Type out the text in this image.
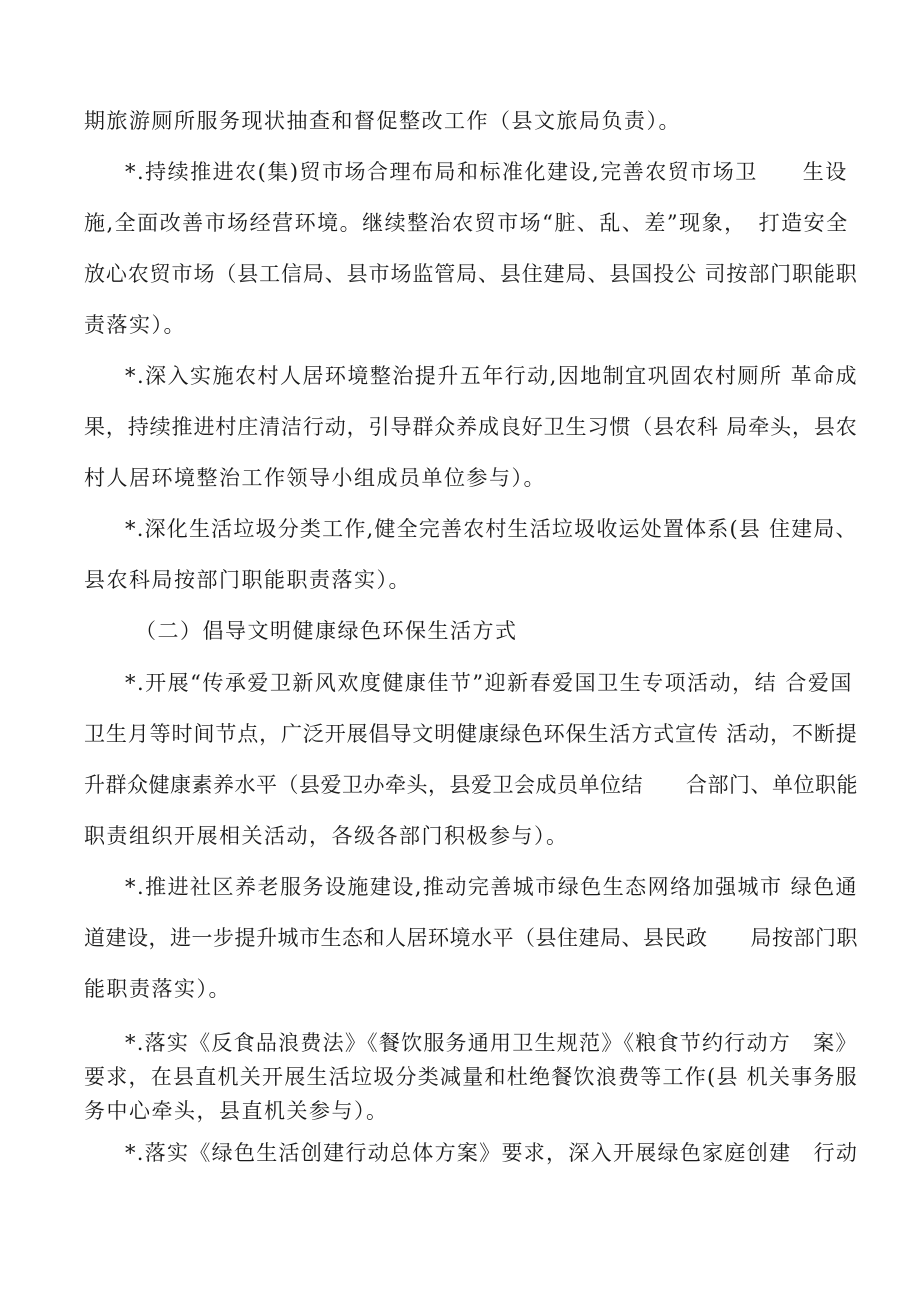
期旅游厕所服务现状抽查和督促整改工作（县文旅局负责）。
*.持续推进农(集)贸市场合理布局和标准化建设,完善农贸市场卫　　生设
施,全面改善市场经营环境。继续整治农贸市场“脏、乱、差”现象，　打造安全
放心农贸市场（县工信局、县市场监管局、县住建局、县国投公 司按部门职能职
责落实）。
*.深入实施农村人居环境整治提升五年行动,因地制宜巩固农村厕所 革命成
果，持续推进村庄清洁行动，引导群众养成良好卫生习惯（县农科 局牵头，县农
村人居环境整治工作领导小组成员单位参与）。
*.深化生活垃圾分类工作,健全完善农村生活垃圾收运处置体系(县 住建局、
县农科局按部门职能职责落实）。
（二）倡导文明健康绿色环保生活方式
*.开展“传承爱卫新风欢度健康佳节”迎新春爱国卫生专项活动，结 合爱国
卫生月等时间节点，广泛开展倡导文明健康绿色环保生活方式宣传 活动，不断提
升群众健康素养水平（县爱卫办牵头，县爱卫会成员单位结　　合部门、单位职能
职责组织开展相关活动，各级各部门积极参与）。
*.推进社区养老服务设施建设,推动完善城市绿色生态网络加强城市 绿色通
道建设，进一步提升城市生态和人居环境水平（县住建局、县民政　　局按部门职
能职责落实）。
*.落实《反食品浪费法》《餐饮服务通用卫生规范》《粮食节约行动方　案》
要求，在县直机关开展生活垃圾分类减量和杜绝餐饮浪费等工作(县 机关事务服
务中心牵头，县直机关参与）。
*.落实《绿色生活创建行动总体方案》要求，深入开展绿色家庭创建　行动
